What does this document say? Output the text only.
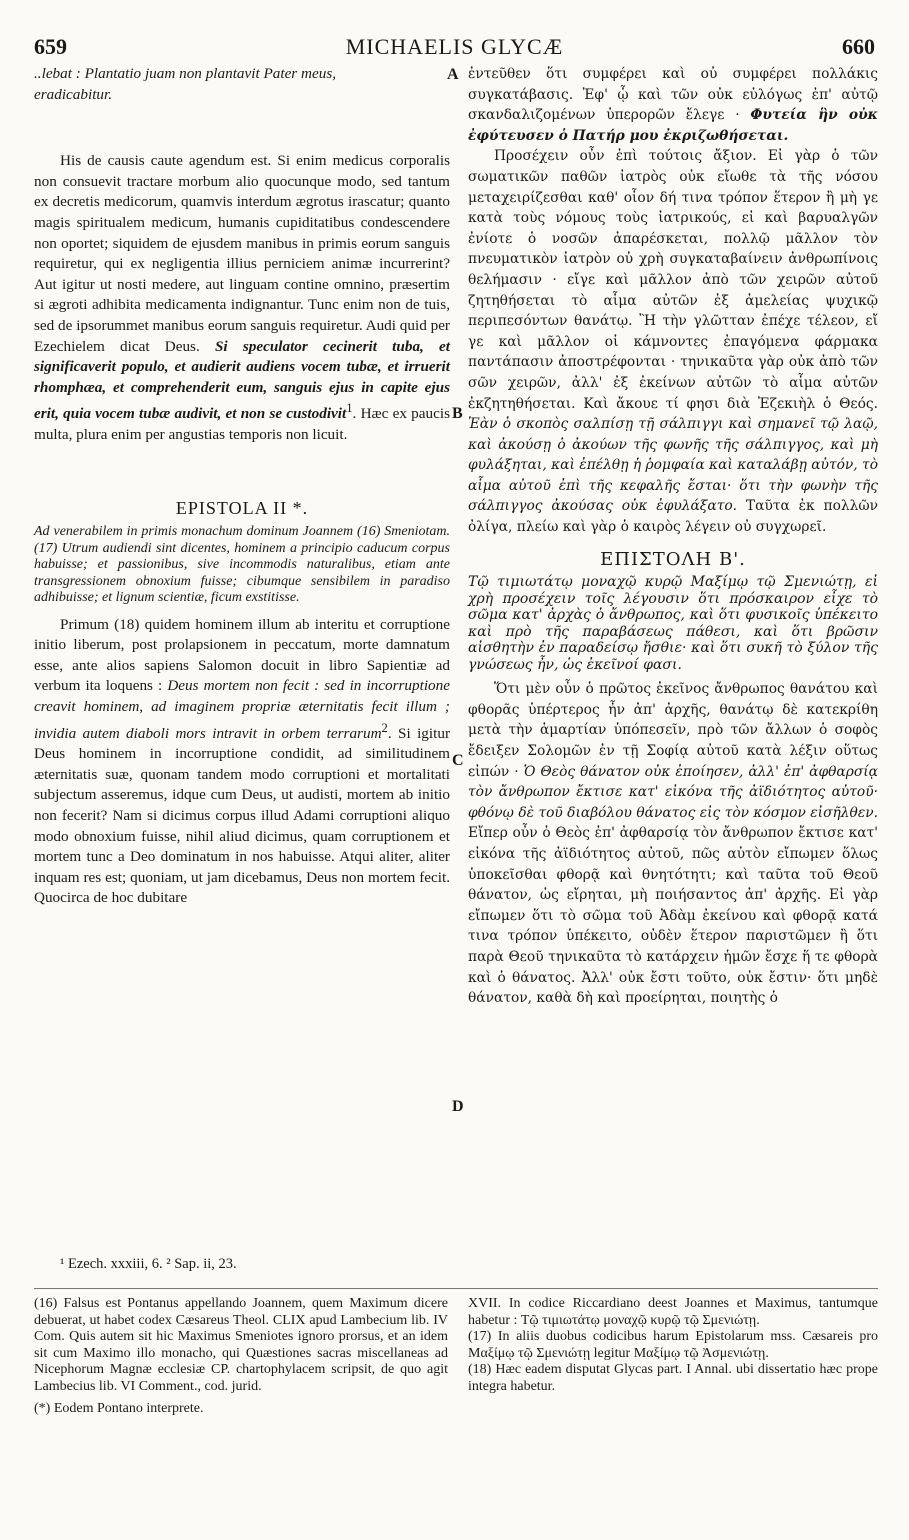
659	MICHAELIS GLYCÆ	660
A
B
C
D

..lebat : Plantatio juam non plantavit Pater meus,

eradicabitur.

His de causis caute agendum est. Si enim medicus corporalis non consuevit tractare morbum alio quocunque modo, sed tantum ex decretis medicorum, quamvis interdum ægrotus irascatur; quanto magis spiritualem medicum, humanis cupiditatibus condescendere non oportet; siquidem de ejusdem manibus in primis eorum sanguis requiretur, qui ex negligentia illius perniciem animæ incurrerint? Aut igitur ut nosti medere, aut linguam contine omnino, præsertim si ægroti adhibita medicamenta indignantur. Tunc enim non de tuis, sed de ipsorummet manibus eorum sanguis requiretur. Audi quid per Ezechielem dicat Deus. Si speculator cecinerit tuba, et significaverit populo, et audierit audiens vocem tubæ, et irruerit rhomphæa, et comprehenderit eum, sanguis ejus in capite ejus erit, quia vocem tubæ audivit, et non se custodivit$^1$. Hæc ex paucis multa, plura enim per angustias temporis non licuit.

EPISTOLA II *.

Ad venerabilem in primis monachum dominum Joannem (16) Smeniotam. (17) Utrum audiendi sint dicentes, hominem a principio caducum corpus habuisse; et passionibus, sive incommodis naturalibus, etiam ante transgressionem obnoxium fuisse; cibumque sensibilem in paradiso adhibuisse; et lignum scientiæ, ficum exstitisse.

Primum (18) quidem hominem illum ab interitu et corruptione initio liberum, post prolapsionem in peccatum, morte damnatum esse, ante alios sapiens Salomon docuit in libro Sapientiæ ad verbum ita loquens : Deus mortem non fecit : sed in incorruptione creavit hominem, ad imaginem propriæ æternitatis fecit illum ; invidia autem diaboli mors intravit in orbem terrarum$^2$. Si igitur Deus hominem in incorruptione condidit, ad similitudinem æternitatis suæ, quonam tandem modo corruptioni et mortalitati subjectum asseremus, idque cum Deus, ut audisti, mortem ab initio non fecerit? Nam si dicimus corpus illud Adami corruptioni aliquo modo obnoxium fuisse, nihil aliud dicimus, quam corruptionem et mortem tunc a Deo dominatum in nos habuisse. Atqui aliter, aliter inquam res est; quoniam, ut jam dicebamus, Deus non mortem fecit. Quocirca de hoc dubitare

ἐντεῦθεν ὅτι συμφέρει καὶ οὐ συμφέρει πολλάκις συγκατάβασις. Ἐφ' ᾧ καὶ τῶν οὐκ εὐλόγως ἐπ' αὐτῷ σκανδαλιζομένων ὑπερορῶν ἔλεγε · Φυτεία ἣν οὐκ ἐφύτευσεν ὁ Πατήρ μου ἐκριζωθήσεται.

Προσέχειν οὖν ἐπὶ τούτοις ἄξιον. Εἰ γὰρ ὁ τῶν σωματικῶν παθῶν ἰατρὸς οὐκ εἴωθε τὰ τῆς νόσου μεταχειρίζεσθαι καθ' οἷον δή τινα τρόπον ἕτερον ἢ μὴ γε κατὰ τοὺς νόμους τοὺς ἰατρικούς, εἰ καὶ βαρυαλγῶν ἐνίοτε ὁ νοσῶν ἀπαρέσκεται, πολλῷ μᾶλλον τὸν πνευματικὸν ἰατρὸν οὐ χρὴ συγκαταβαίνειν ἀνθρωπίνοις θελήμασιν · εἴγε καὶ μᾶλλον ἀπὸ τῶν χειρῶν αὐτοῦ ζητηθήσεται τὸ αἷμα αὐτῶν ἐξ ἀμελείας ψυχικῷ περιπεσόντων θανάτῳ. Ἢ τὴν γλῶτταν ἐπέχε τέλεον, εἴ γε καὶ μᾶλλον οἱ κάμνοντες ἐπαγόμενα φάρμακα παντάπασιν ἀποστρέφονται · τηνικαῦτα γὰρ οὐκ ἀπὸ τῶν σῶν χειρῶν, ἀλλ' ἐξ ἐκείνων αὐτῶν τὸ αἷμα αὐτῶν ἐκζητηθήσεται. Καὶ ἄκουε τί φησι διὰ Ἐζεκιὴλ ὁ Θεός. Ἐὰν ὁ σκοπὸς σαλπίσῃ τῇ σάλπιγγι καὶ σημανεῖ τῷ λαῷ, καὶ ἀκούσῃ ὁ ἀκούων τῆς φωνῆς τῆς σάλπιγγος, καὶ μὴ φυλάξηται, καὶ ἐπέλθῃ ἡ ῥομφαία καὶ καταλάβῃ αὐτόν, τὸ αἷμα αὐτοῦ ἐπὶ τῆς κεφαλῆς ἔσται· ὅτι τὴν φωνὴν τῆς σάλπιγγος ἀκούσας οὐκ ἐφυλάξατο. Ταῦτα ἐκ πολλῶν ὀλίγα, πλείω καὶ γὰρ ὁ καιρὸς λέγειν οὐ συγχωρεῖ.

ΕΠΙΣΤΟΛΗ Β'.

Τῷ τιμιωτάτῳ μοναχῷ κυρῷ Μαξίμῳ τῷ Σμενιώτῃ, εἰ χρὴ προσέχειν τοῖς λέγουσιν ὅτι πρόσκαιρον εἶχε τὸ σῶμα κατ' ἀρχὰς ὁ ἄνθρωπος, καὶ ὅτι φυσικοῖς ὑπέκειτο καὶ πρὸ τῆς παραβάσεως πάθεσι, καὶ ὅτι βρῶσιν αἰσθητὴν ἐν παραδείσῳ ἤσθιε· καὶ ὅτι συκῆ τὸ ξύλον τῆς γνώσεως ἦν, ὡς ἐκεῖνοί φασι.

Ὅτι μὲν οὖν ὁ πρῶτος ἐκεῖνος ἄνθρωπος θανάτου καὶ φθορᾶς ὑπέρτερος ἦν ἀπ' ἀρχῆς, θανάτῳ δὲ κατεκρίθη μετὰ τὴν ἁμαρτίαν ὑπόπεσεῖν, πρὸ τῶν ἄλλων ὁ σοφὸς ἔδειξεν Σολομῶν ἐν τῇ Σοφίᾳ αὐτοῦ κατὰ λέξιν οὕτως εἰπών · Ὁ Θεὸς θάνατον οὐκ ἐποίησεν, ἀλλ' ἐπ' ἀφθαρσίᾳ τὸν ἄνθρωπον ἔκτισε κατ' εἰκόνα τῆς ἀϊδιότητος αὐτοῦ· φθόνῳ δὲ τοῦ διαβόλου θάνατος εἰς τὸν κόσμον εἰσῆλθεν. Εἴπερ οὖν ὁ Θεὸς ἐπ' ἀφθαρσίᾳ τὸν ἄνθρωπον ἔκτισε κατ' εἰκόνα τῆς ἀϊδιότητος αὐτοῦ, πῶς αὐτὸν εἴπωμεν ὅλως ὑποκεῖσθαι φθορᾷ καὶ θνητότητι; καὶ ταῦτα τοῦ Θεοῦ θάνατον, ὡς εἴρηται, μὴ ποιήσαντος ἀπ' ἀρχῆς. Εἰ γὰρ εἴπωμεν ὅτι τὸ σῶμα τοῦ Ἀδὰμ ἐκείνου καὶ φθορᾷ κατά τινα τρόπον ὑπέκειτο, οὐδὲν ἕτερον παριστῶμεν ἢ ὅτι παρὰ Θεοῦ τηνικαῦτα τὸ κατάρχειν ἡμῶν ἔσχε ἥ τε φθορὰ καὶ ὁ θάνατος. Ἀλλ' οὐκ ἔστι τοῦτο, οὐκ ἔστιν· ὅτι μηδὲ θάνατον, καθὰ δὴ καὶ προείρηται, ποιητὴς ὁ

¹ Ezech. xxxiii, 6. ² Sap. ii, 23.

(16) Falsus est Pontanus appellando Joannem, quem Maximum dicere debuerat, ut habet codex Cæsareus Theol. CLIX apud Lambecium lib. IV Com. Quis autem sit hic Maximus Smeniotes ignoro prorsus, et an idem sit cum Maximo illo monacho, qui Quæstiones sacras miscellaneas ad Nicephorum Magnæ ecclesiæ CP. chartophylacem scripsit, de quo agit Lambecius lib. VI Comment., cod. jurid.

(*) Eodem Pontano interprete.

XVII. In codice Riccardiano deest Joannes et Maximus, tantumque habetur : Τῷ τιμιωτάτῳ μοναχῷ κυρῷ τῷ Σμενιώτῃ.

(17) In aliis duobus codicibus harum Epistolarum mss. Cæsareis pro Μαξίμῳ τῷ Σμενιώτῃ legitur Μαξίμῳ τῷ Ἀσμενιώτῃ.

(18) Hæc eadem disputat Glycas part. I Annal. ubi dissertatio hæc prope integra habetur.
